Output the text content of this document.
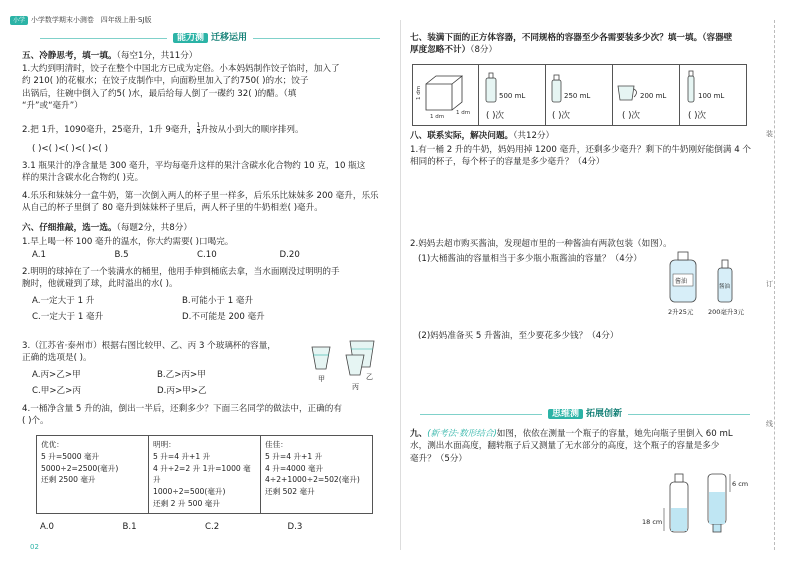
小学 小学数学期末小测卷 四年级上册·SJ版
能力测 迁移运用
五、冷静思考，填一填。（每空1分，共11分）
1.大约到明清时，饺子在整个中国北方已成为定俗。小本妈妈制作饺子馅时，加入了
约 210( )的花椒水；在饺子皮制作中，向面粉里加入了约750( )的水；饺子
出锅后，往碗中倒入了约5( )水，最后给每人倒了一碟约 32( )的醋。（填
“升”或“毫升”）
2.把 1升，1090毫升，25毫升，1升 9毫升， $\frac{1}{4}$ 升按从小到大的顺序排列。
( )<( )<( )<( )<( )
3.1 瓶果汁的净含量是 300 毫升，平均每毫升这样的果汁含碳水化合物约 10 克，10 瓶这
样的果汁含碳水化合物约( )克。
4.乐乐和妹妹分一盒牛奶，第一次倒入两人的杯子里一样多，后乐乐比妹妹多 200 毫升，乐乐
从自己的杯子里倒了 80 毫升到妹妹杯子里后，两人杯子里的牛奶相差( )毫升。
六、仔细推敲，选一选。（每题2分，共8分）
1.早上喝一杯 100 毫升的温水，你大约需要( )口喝完。
A.1	B.5	C.10	D.20
2.明明的球掉在了一个装满水的桶里，他用手伸到桶底去拿，当水面刚没过明明的手
腕时，他就碰到了球，此时溢出的水( )。
A.一定大于 1 升	B.可能小于 1 毫升
C.一定大于 1 毫升	D.不可能是 200 毫升
3.（江苏省·泰州市）根据右图比较甲、乙、丙 3 个玻璃杯的容量，
正确的选项是( )。
A.丙>乙>甲	B.乙>丙>甲
C.甲>乙>丙	D.丙>甲>乙
甲	乙
丙
4.一桶净含量 5 升的油，倒出一半后，还剩多少？下面三名同学的做法中，正确的有
( )个。
优优：
5 升=5000 毫升
5000÷2=2500(毫升)
还剩 2500 毫升

明明：
5 升=4 升+1 升
4 升÷2=2 升 1升=1000 毫升
1000÷2=500(毫升)
还剩 2 升 500 毫升

佳佳：
5 升=4 升+1 升
4 升=4000 毫升
4÷2+1000÷2=502(毫升)
还剩 502 毫升
A.0	B.1	C.2	D.3
02
七、装满下面的正方体容器，不同规格的容器至少各需要装多少次？填一填。（容器壁
厚度忽略不计）（8分）
1 dm
1 dm
1 dm
500 mL
( )次
250 mL
( )次
200 mL
( )次
100 mL
( )次
八、联系实际，解决问题。（共12分）
1.有一桶 2 升的牛奶，妈妈用掉 1200 毫升，还剩多少毫升？剩下的牛奶刚好能倒满 4 个
相同的杯子，每个杯子的容量是多少毫升？（4分）
2.妈妈去超市购买酱油，发现超市里的一种酱油有两款包装（如图）。
(1)大桶酱油的容量相当于多少瓶小瓶酱油的容量？（4分）
酱油
酱油
2升25元 200毫升3元
(2)妈妈准备买 5 升酱油，至少要花多少钱？（4分）
思维测 拓展创新
九、(新考法·数形结合)如图，依依在测量一个瓶子的容量，她先向瓶子里倒入 60 mL
水，测出水面高度，翻转瓶子后又测量了无水部分的高度，这个瓶子的容量是多少
毫升？（5分）
18 cm
6 cm
装
订
线
